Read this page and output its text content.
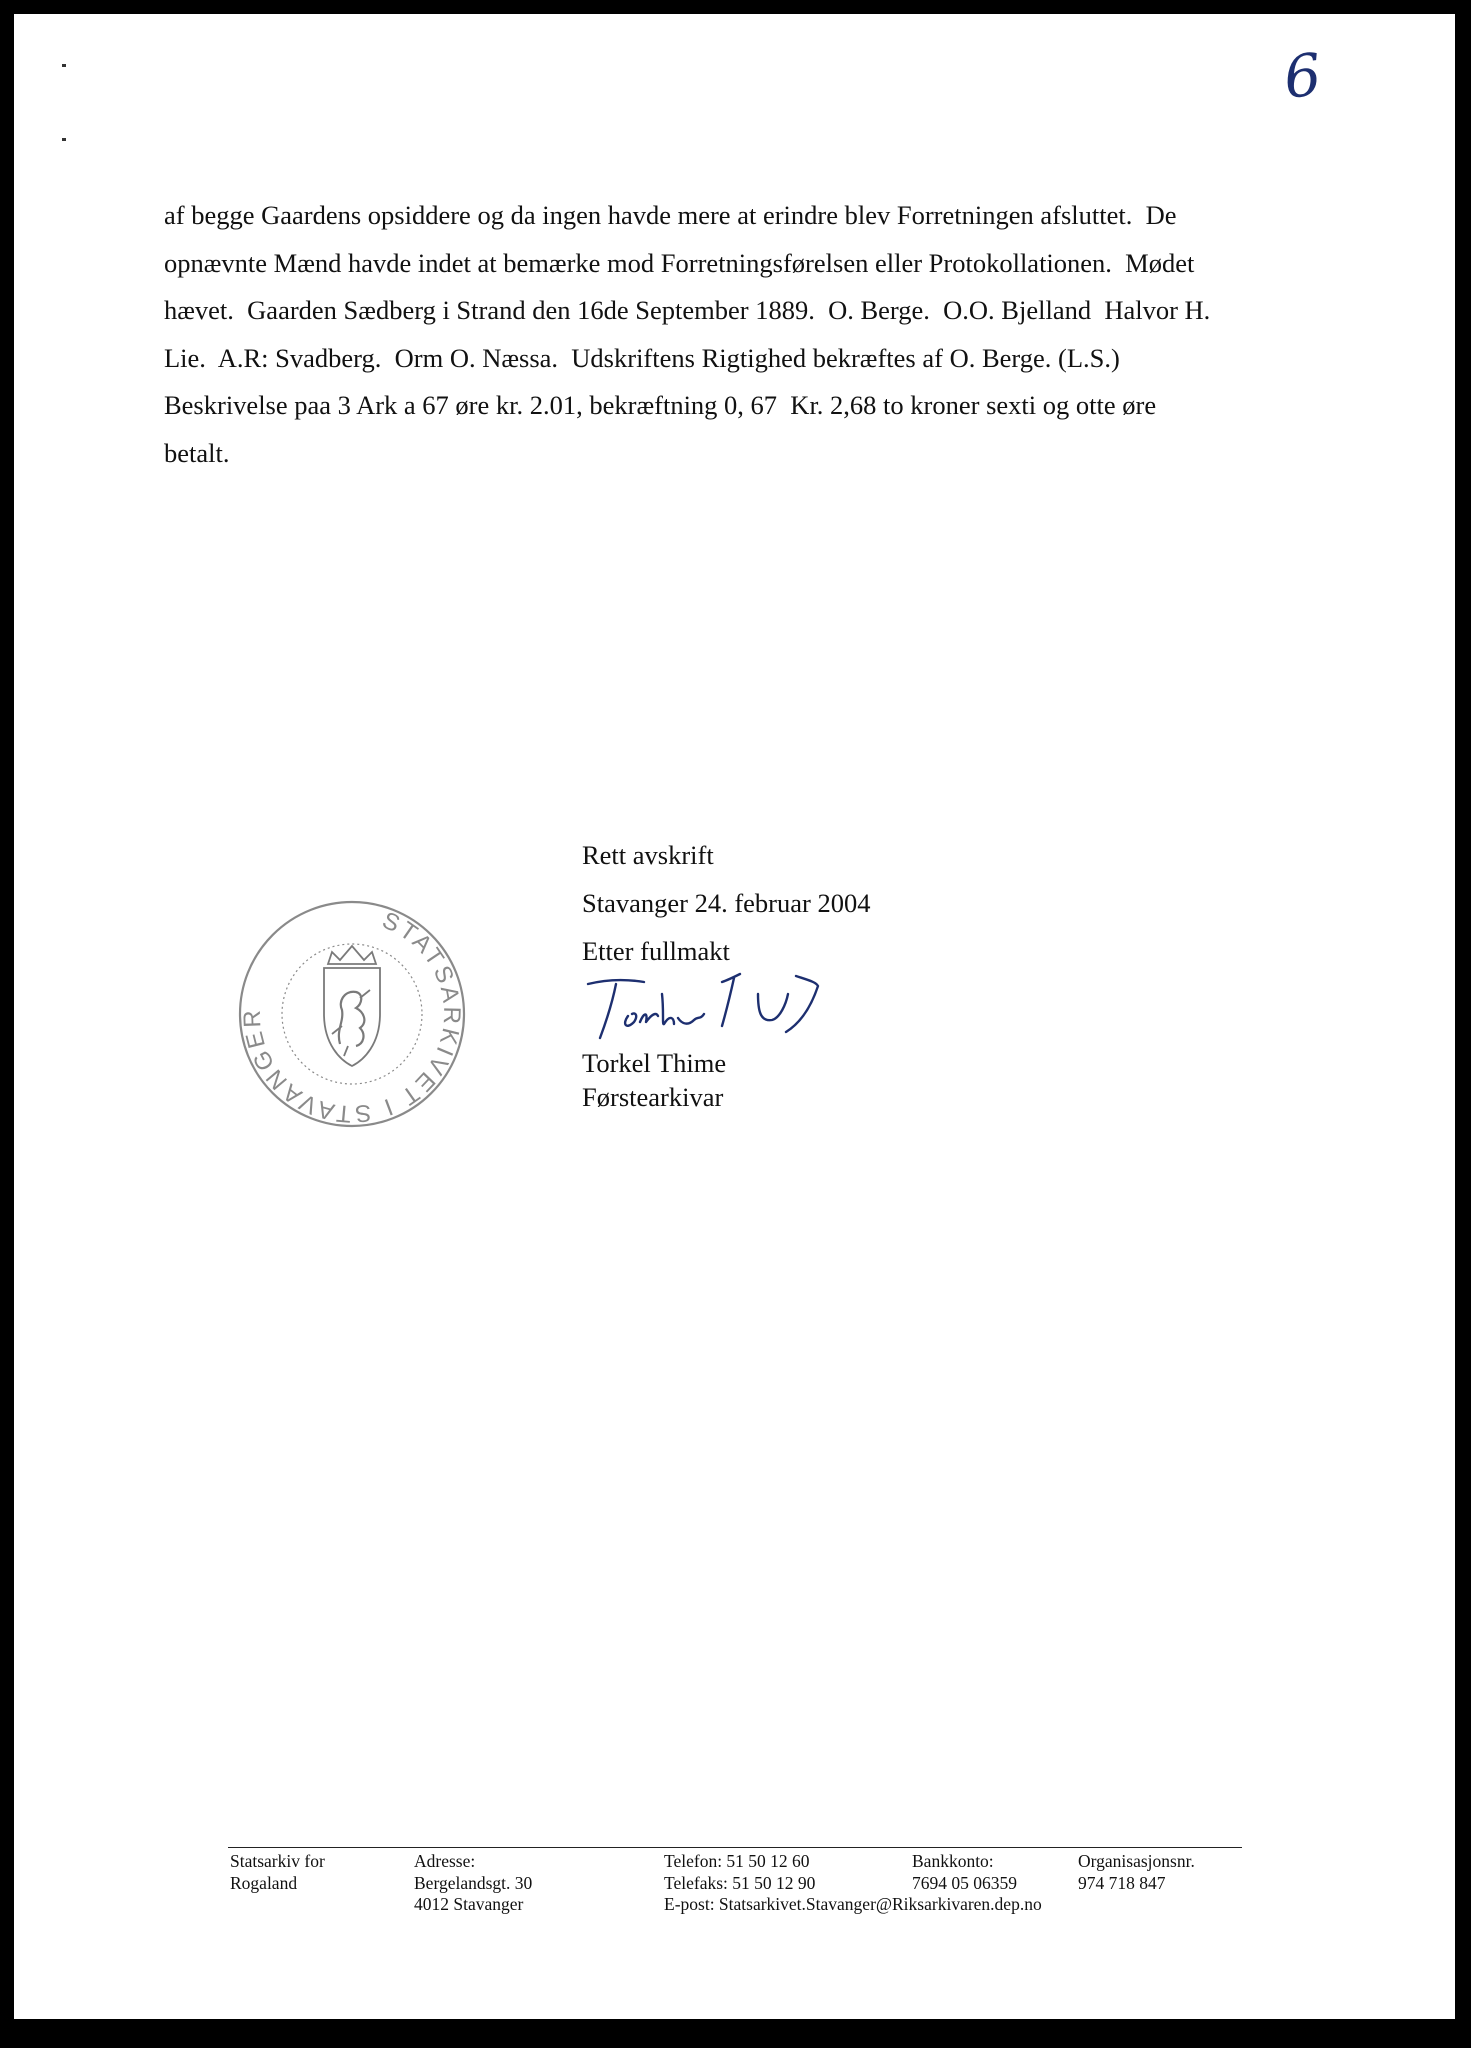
6
af begge Gaardens opsiddere og da ingen havde mere at erindre blev Forretningen afsluttet.  De
opnævnte Mænd havde indet at bemærke mod Forretningsførelsen eller Protokollationen.  Mødet
hævet.  Gaarden Sædberg i Strand den 16de September 1889.  O. Berge.  O.O. Bjelland  Halvor H.
Lie.  A.R: Svadberg.  Orm O. Næssa.  Udskriftens Rigtighed bekræftes af O. Berge. (L.S.)
Beskrivelse paa 3 Ark a 67 øre kr. 2.01, bekræftning 0, 67  Kr. 2,68 to kroner sexti og otte øre
betalt.
Rett avskrift
Stavanger 24. februar 2004
Etter fullmakt
Torkel Thime
Førstearkivar
STATSARKIVET I STAVANGER
Statsarkiv for
Rogaland
Adresse:
Bergelandsgt. 30
4012 Stavanger
Telefon: 51 50 12 60
Telefaks: 51 50 12 90
E-post: Statsarkivet.Stavanger@Riksarkivaren.dep.no
Bankkonto:
7694 05 06359
Organisasjonsnr.
974 718 847
